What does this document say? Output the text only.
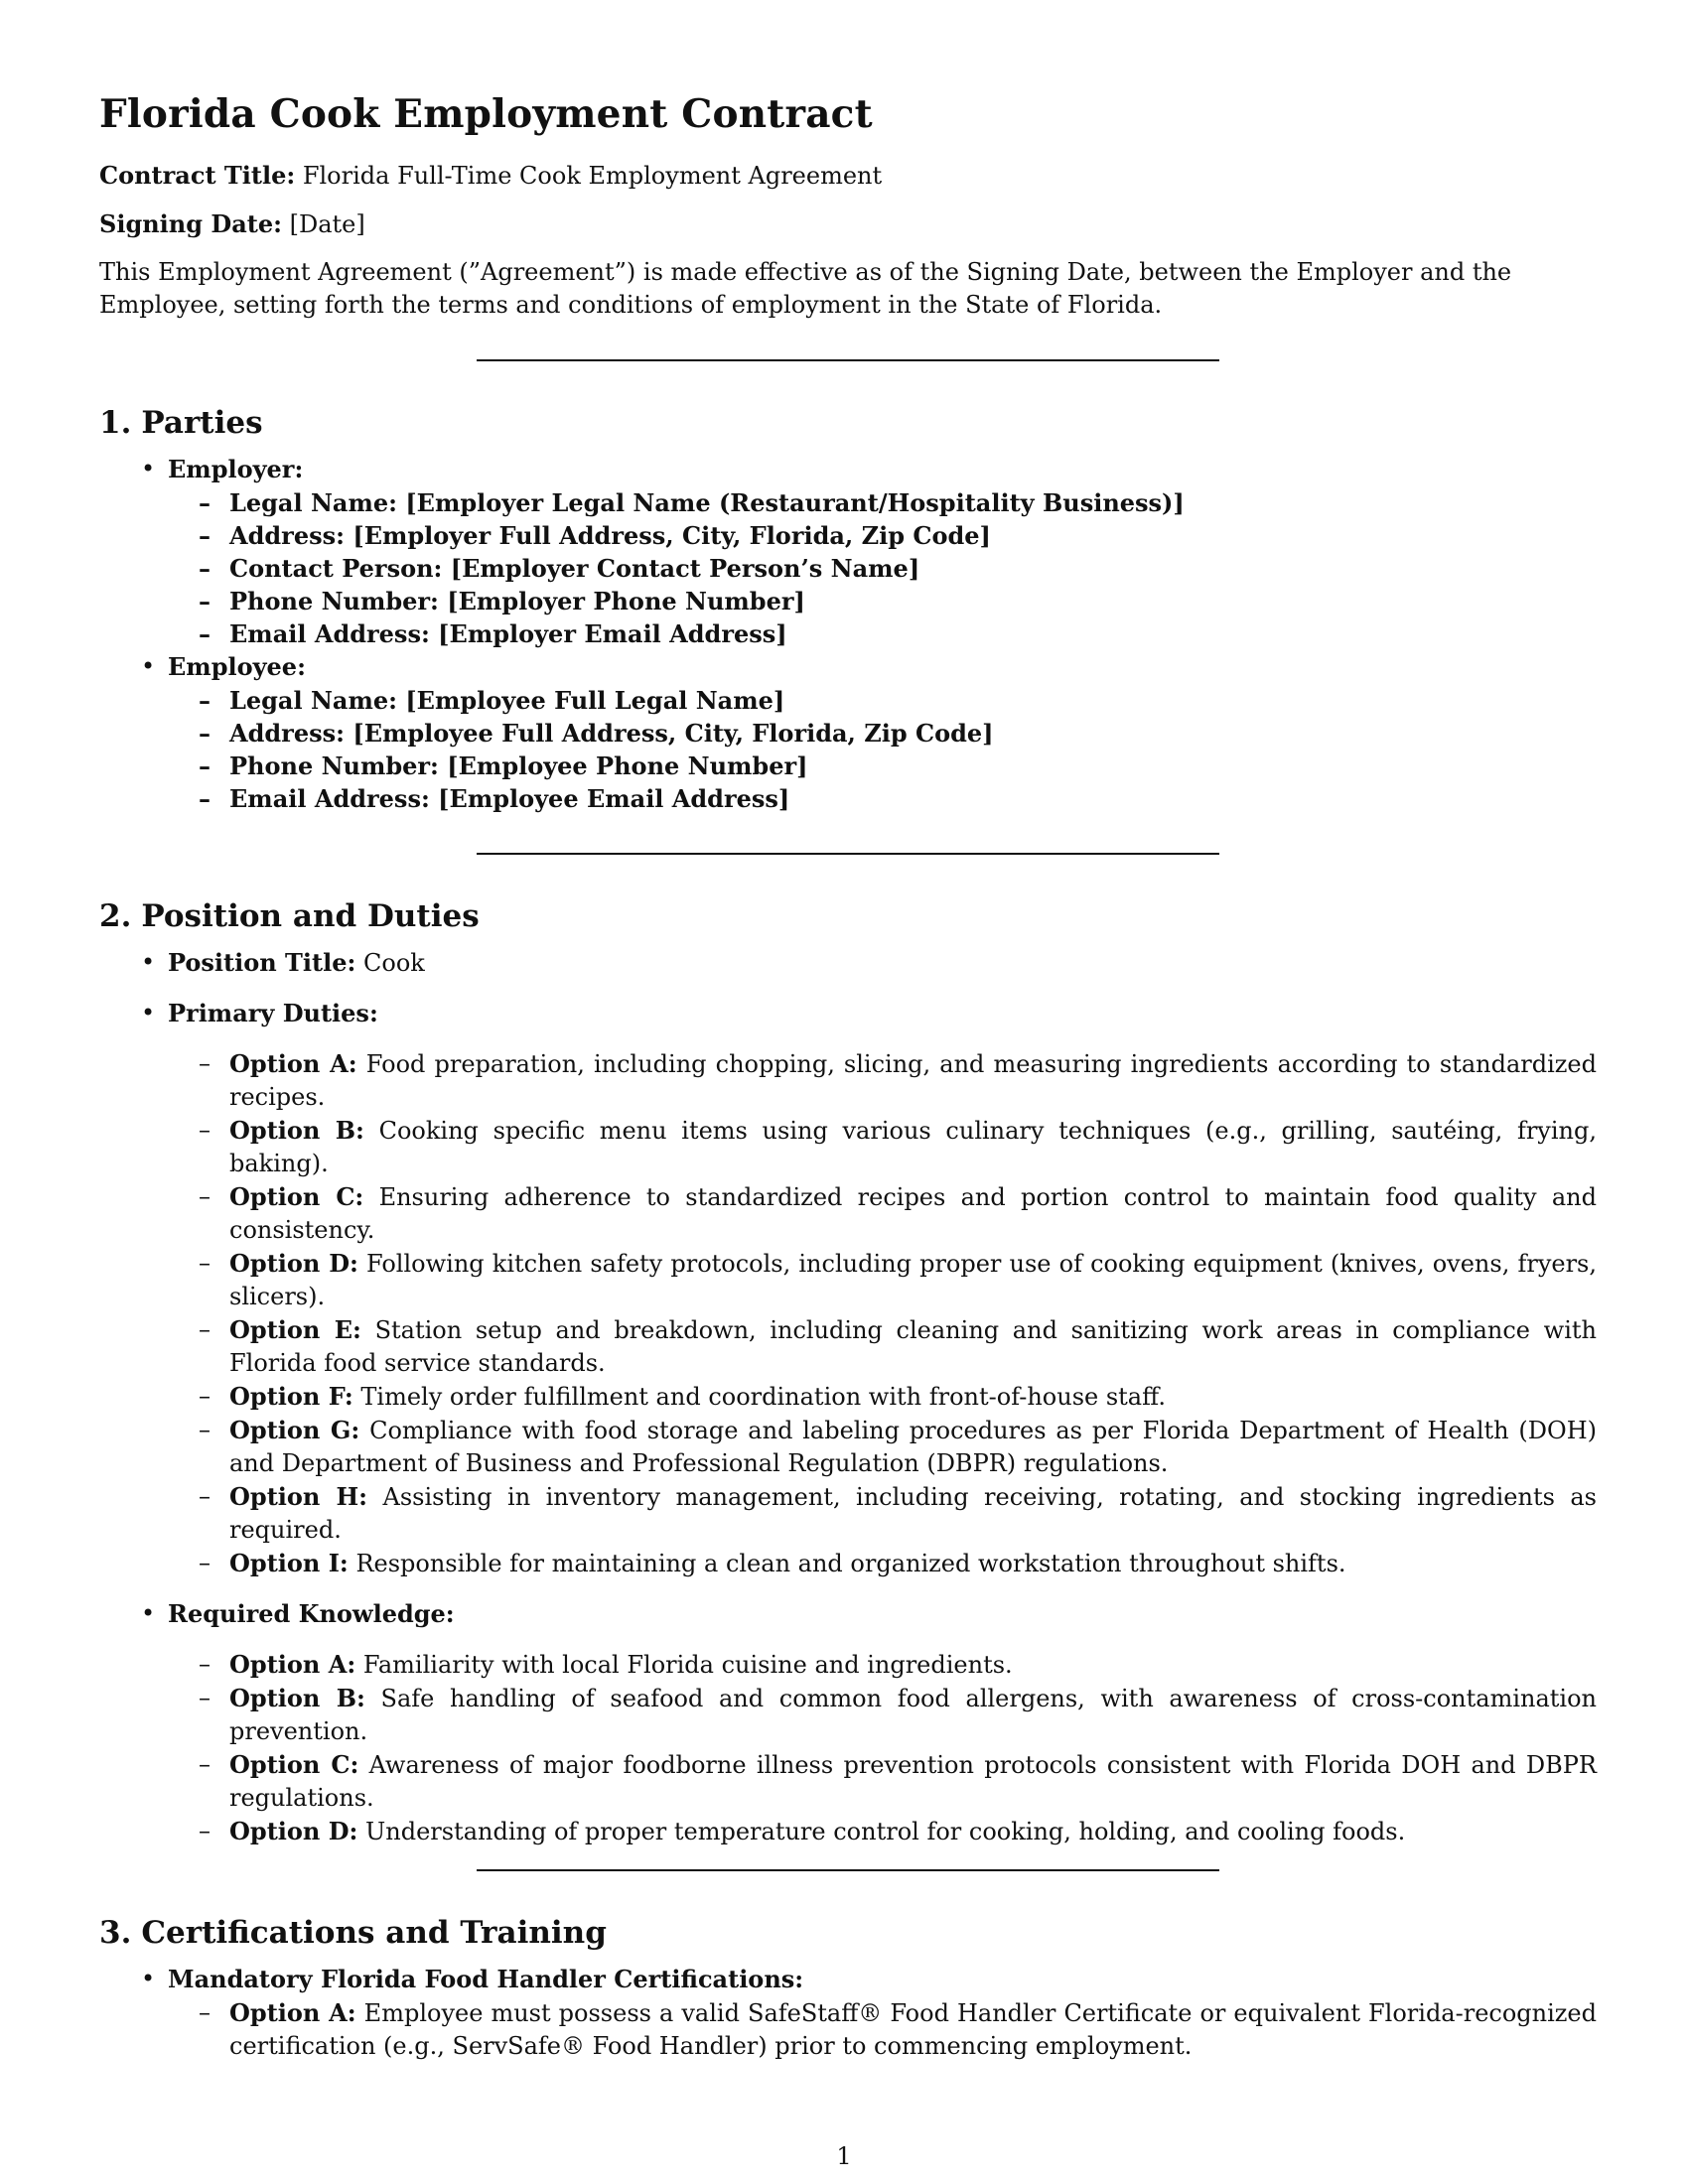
Florida Cook Employment Contract

Contract Title: Florida Full-Time Cook Employment Agreement

Signing Date: [Date]

This Employment Agreement (”Agreement”) is made effective as of the Signing Date, between the Employer and the Employee, setting forth the terms and conditions of employment in the State of Florida.

1. Parties
• Employer:
– Legal Name: [Employer Legal Name (Restaurant/Hospitality Business)]
– Address: [Employer Full Address, City, Florida, Zip Code]
– Contact Person: [Employer Contact Person’s Name]
– Phone Number: [Employer Phone Number]
– Email Address: [Employer Email Address]
• Employee:
– Legal Name: [Employee Full Legal Name]
– Address: [Employee Full Address, City, Florida, Zip Code]
– Phone Number: [Employee Phone Number]
– Email Address: [Employee Email Address]
2. Position and Duties
• Position Title: Cook
• Primary Duties:
– Option A: Food preparation, including chopping, slicing, and measuring ingredients according to standardized recipes.
– Option B: Cooking specific menu items using various culinary techniques (e.g., grilling, sautéing, frying, baking).
– Option C: Ensuring adherence to standardized recipes and portion control to maintain food quality and consistency.
– Option D: Following kitchen safety protocols, including proper use of cooking equipment (knives, ovens, fryers, slicers).
– Option E: Station setup and breakdown, including cleaning and sanitizing work areas in compliance with Florida food service standards.
– Option F: Timely order fulfillment and coordination with front-of-house staff.
– Option G: Compliance with food storage and labeling procedures as per Florida Department of Health (DOH) and Department of Business and Professional Regulation (DBPR) regulations.
– Option H: Assisting in inventory management, including receiving, rotating, and stocking ingredients as required.
– Option I: Responsible for maintaining a clean and organized workstation throughout shifts.
• Required Knowledge:
– Option A: Familiarity with local Florida cuisine and ingredients.
– Option B: Safe handling of seafood and common food allergens, with awareness of cross-contamination prevention.
– Option C: Awareness of major foodborne illness prevention protocols consistent with Florida DOH and DBPR regulations.
– Option D: Understanding of proper temperature control for cooking, holding, and cooling foods.
3. Certifications and Training
• Mandatory Florida Food Handler Certifications:
– Option A: Employee must possess a valid SafeStaff® Food Handler Certificate or equivalent Florida-recognized certification (e.g., ServSafe® Food Handler) prior to commencing employment.
1
